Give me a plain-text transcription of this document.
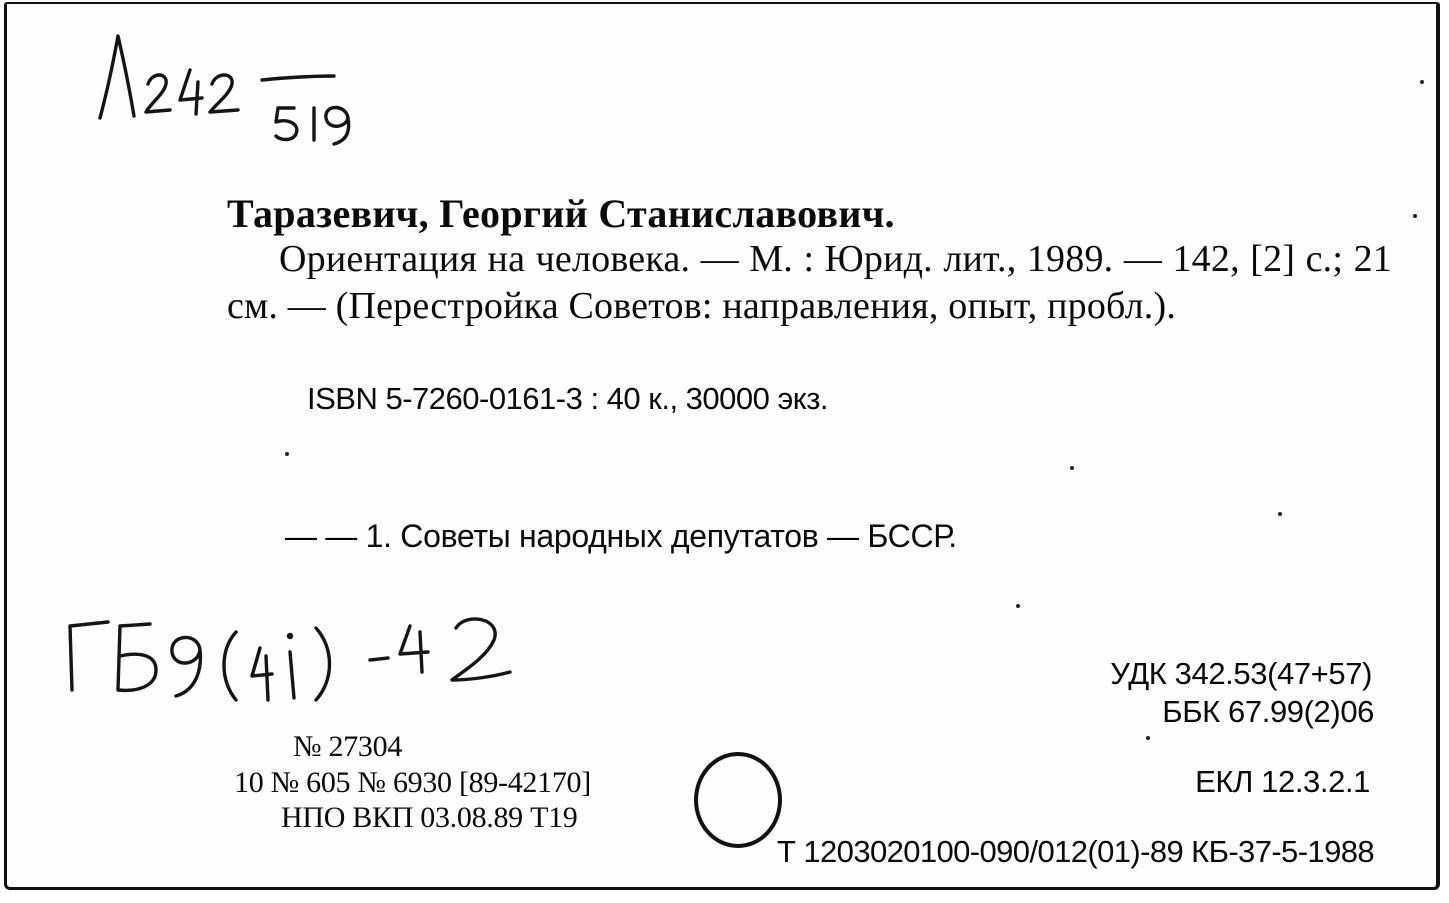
Таразевич, Георгий Станиславович.
Ориентация на человека. — М. : Юрид. лит., 1989. — 142, [2] с.; 21 см. — (Перестройка Советов: направления, опыт, пробл.).
ISBN 5-7260-0161-3 : 40 к., 30000 экз.
— — 1. Советы народных депутатов — БССР.
УДК 342.53(47+57)
ББК 67.99(2)06
№ 27304
10 № 605 № 6930 [89-42170]
НПО ВКП 03.08.89 Т19
ЕКЛ 12.3.2.1
Т 1203020100-090/012(01)-89 КБ-37-5-1988
